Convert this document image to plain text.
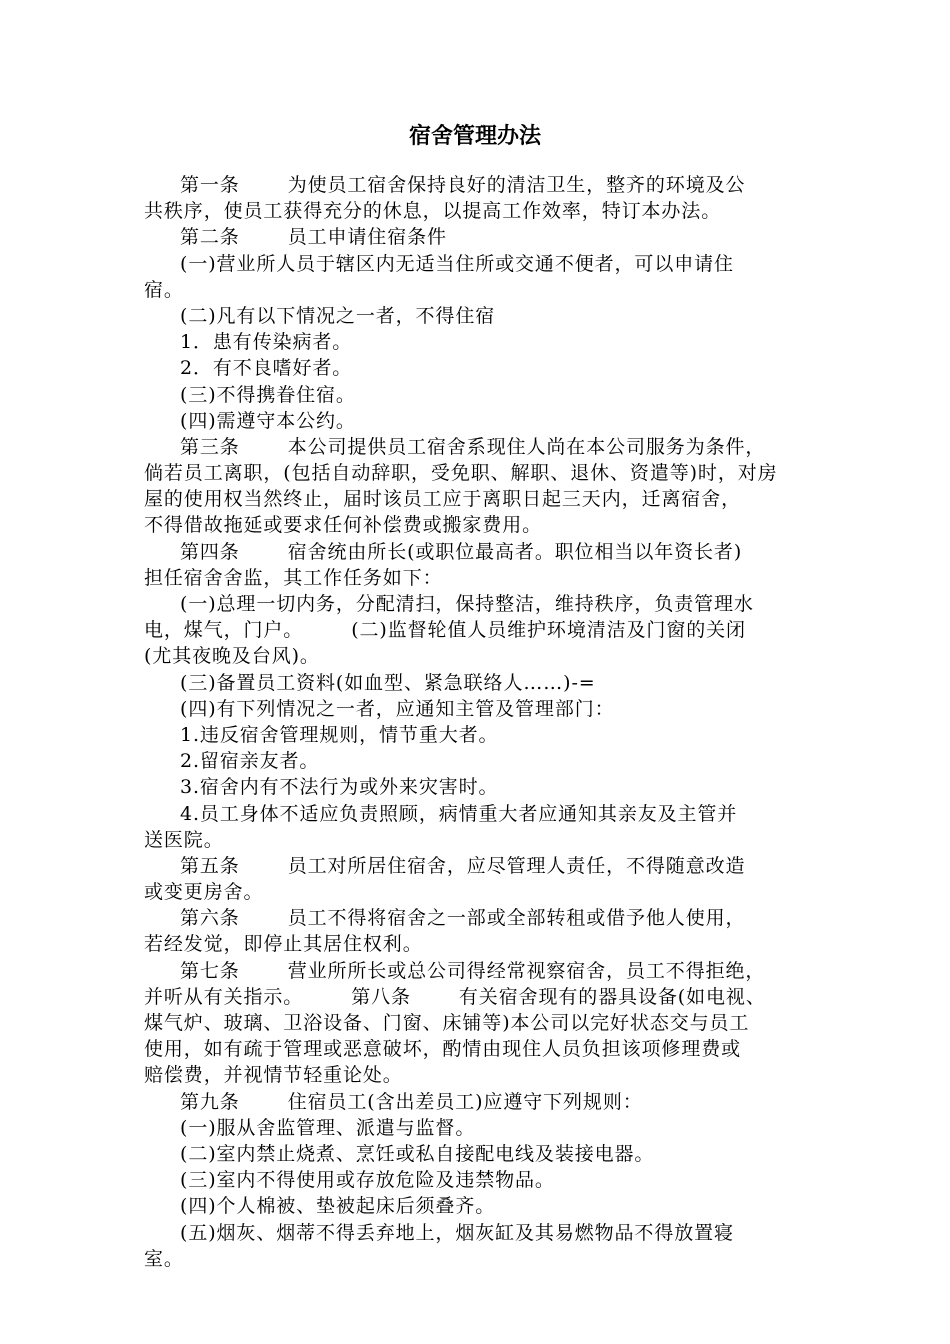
宿舍管理办法
第一条	为使员工宿舍保持良好的清洁卫生，整齐的环境及公
共秩序，使员工获得充分的休息，以提高工作效率，特订本办法。
第二条	员工申请住宿条件
(一)营业所人员于辖区内无适当住所或交通不便者，可以申请住
宿。
(二)凡有以下情况之一者，不得住宿
1．患有传染病者。
2．有不良嗜好者。
(三)不得携眷住宿。
(四)需遵守本公约。
第三条	本公司提供员工宿舍系现住人尚在本公司服务为条件，
倘若员工离职，(包括自动辞职，受免职、解职、退休、资遣等)时，对房
屋的使用权当然终止，届时该员工应于离职日起三天内，迁离宿舍，
不得借故拖延或要求任何补偿费或搬家费用。
第四条	宿舍统由所长(或职位最高者。职位相当以年资长者)
担任宿舍舍监，其工作任务如下：
(一)总理一切内务，分配清扫，保持整洁，维持秩序，负责管理水
电，煤气，门户。	(二)监督轮值人员维护环境清洁及门窗的关闭
(尤其夜晚及台风)。
(三)备置员工资料(如血型、紧急联络人……)-=
(四)有下列情况之一者，应通知主管及管理部门：
1.违反宿舍管理规则，情节重大者。
2.留宿亲友者。
3.宿舍内有不法行为或外来灾害时。
4.员工身体不适应负责照顾，病情重大者应通知其亲友及主管并
送医院。
第五条	员工对所居住宿舍，应尽管理人责任，不得随意改造
或变更房舍。
第六条	员工不得将宿舍之一部或全部转租或借予他人使用，
若经发觉，即停止其居住权利。
第七条	营业所所长或总公司得经常视察宿舍，员工不得拒绝，
并听从有关指示。	第八条	有关宿舍现有的器具设备(如电视、
煤气炉、玻璃、卫浴设备、门窗、床铺等)本公司以完好状态交与员工
使用，如有疏于管理或恶意破坏，酌情由现住人员负担该项修理费或
赔偿费，并视情节轻重论处。
第九条	住宿员工(含出差员工)应遵守下列规则：
(一)服从舍监管理、派遣与监督。
(二)室内禁止烧煮、烹饪或私自接配电线及装接电器。
(三)室内不得使用或存放危险及违禁物品。
(四)个人棉被、垫被起床后须叠齐。
(五)烟灰、烟蒂不得丢弃地上，烟灰缸及其易燃物品不得放置寝
室。
